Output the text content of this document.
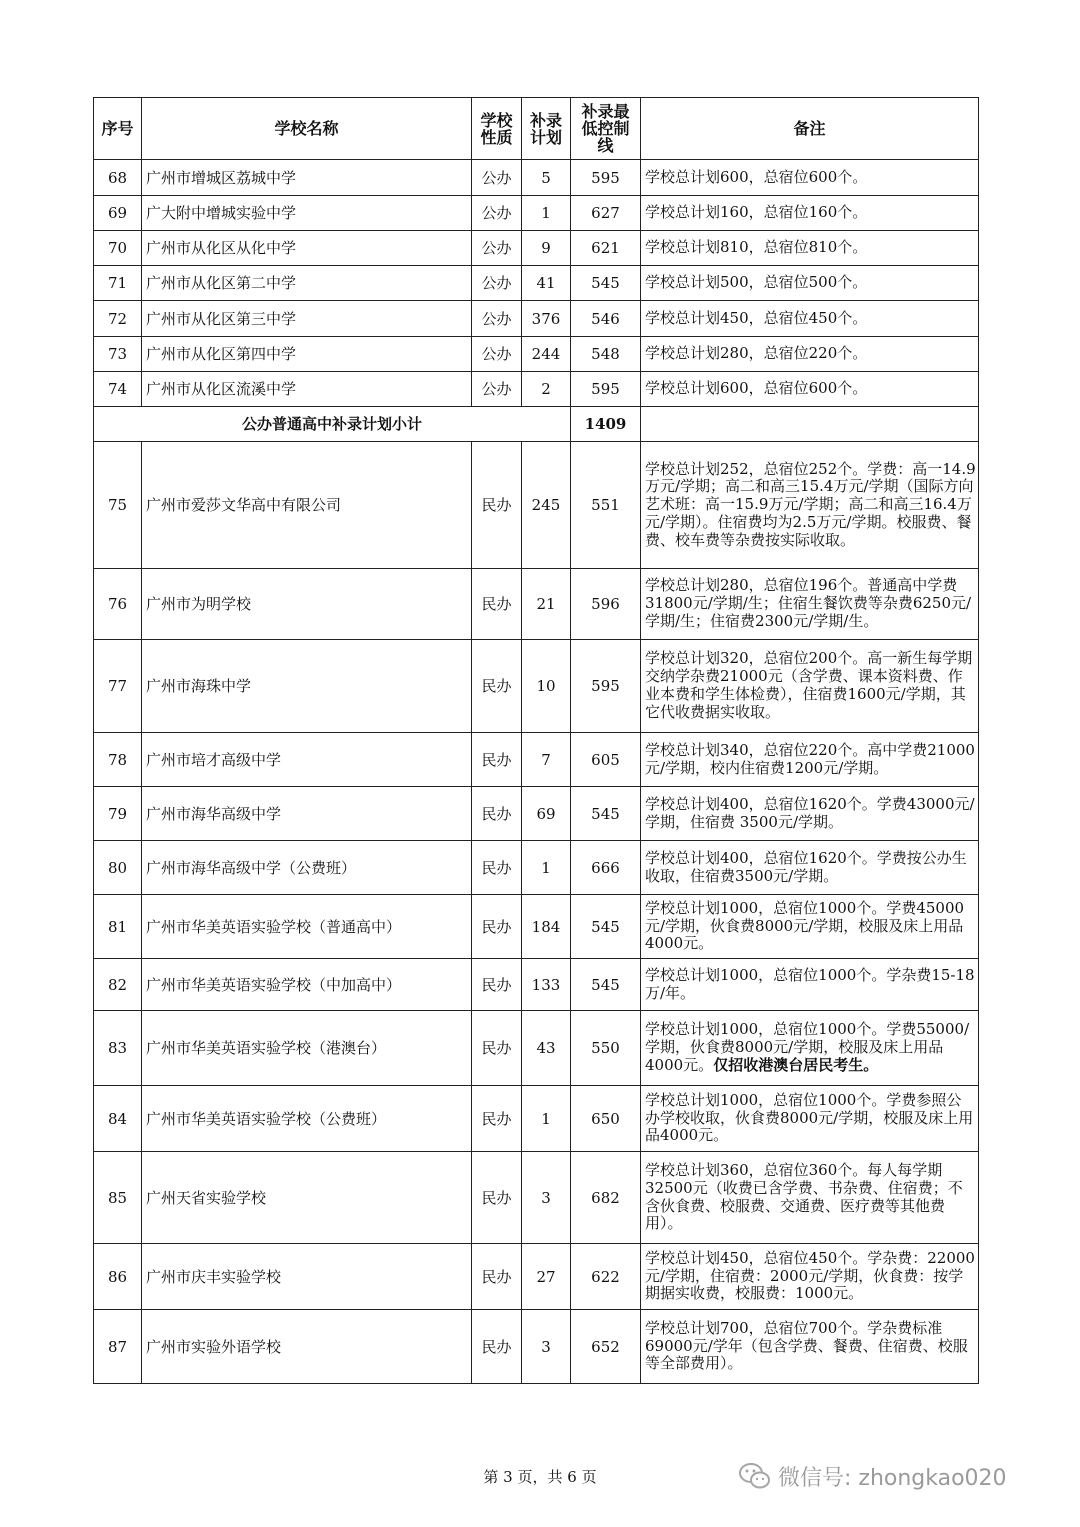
序号	学校名称	学校性质	补录计划	补录最低控制线	备注
68	广州市增城区荔城中学	公办	5	595	学校总计划600，总宿位600个。
69	广大附中增城实验中学	公办	1	627	学校总计划160，总宿位160个。
70	广州市从化区从化中学	公办	9	621	学校总计划810，总宿位810个。
71	广州市从化区第二中学	公办	41	545	学校总计划500，总宿位500个。
72	广州市从化区第三中学	公办	376	546	学校总计划450，总宿位450个。
73	广州市从化区第四中学	公办	244	548	学校总计划280，总宿位220个。
74	广州市从化区流溪中学	公办	2	595	学校总计划600，总宿位600个。
公办普通高中补录计划小计				1409	
75	广州市爱莎文华高中有限公司	民办	245	551	学校总计划252，总宿位252个。学费：高一14.9万元/学期；高二和高三15.4万元/学期（国际方向艺术班：高一15.9万元/学期；高二和高三16.4万元/学期）。住宿费均为2.5万元/学期。校服费、餐费、校车费等杂费按实际收取。
76	广州市为明学校	民办	21	596	学校总计划280，总宿位196个。普通高中学费31800元/学期/生；住宿生餐饮费等杂费6250元/学期/生；住宿费2300元/学期/生。
77	广州市海珠中学	民办	10	595	学校总计划320，总宿位200个。高一新生每学期交纳学杂费21000元（含学费、课本资料费、作业本费和学生体检费），住宿费1600元/学期，其它代收费据实收取。
78	广州市培才高级中学	民办	7	605	学校总计划340，总宿位220个。高中学费21000元/学期，校内住宿费1200元/学期。
79	广州市海华高级中学	民办	69	545	学校总计划400，总宿位1620个。学费43000元/学期，住宿费 3500元/学期。
80	广州市海华高级中学（公费班）	民办	1	666	学校总计划400，总宿位1620个。学费按公办生收取，住宿费3500元/学期。
81	广州市华美英语实验学校（普通高中）	民办	184	545	学校总计划1000，总宿位1000个。学费45000元/学期，伙食费8000元/学期，校服及床上用品4000元。
82	广州市华美英语实验学校（中加高中）	民办	133	545	学校总计划1000，总宿位1000个。学杂费15-18万/年。
83	广州市华美英语实验学校（港澳台）	民办	43	550	学校总计划1000，总宿位1000个。学费55000/学期，伙食费8000元/学期，校服及床上用品4000元。仅招收港澳台居民考生。
84	广州市华美英语实验学校（公费班）	民办	1	650	学校总计划1000，总宿位1000个。学费参照公办学校收取，伙食费8000元/学期，校服及床上用品4000元。
85	广州天省实验学校	民办	3	682	学校总计划360，总宿位360个。每人每学期32500元（收费已含学费、书杂费、住宿费；不含伙食费、校服费、交通费、医疗费等其他费用）。
86	广州市庆丰实验学校	民办	27	622	学校总计划450，总宿位450个。学杂费：22000元/学期，住宿费：2000元/学期，伙食费：按学期据实收费，校服费：1000元。
87	广州市实验外语学校	民办	3	652	学校总计划700，总宿位700个。学杂费标准69000元/学年（包含学费、餐费、住宿费、校服等全部费用）。
第 3 页，共 6 页	微信号: zhongkao020
